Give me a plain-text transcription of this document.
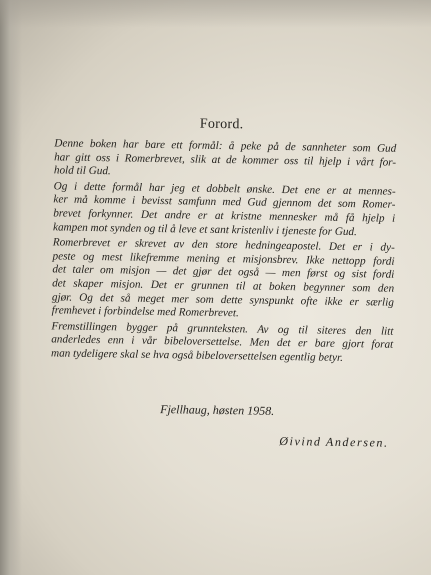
Forord.
Denne boken har bare ett formål: å peke på de sannheter som Gud
har gitt oss i Romerbrevet, slik at de kommer oss til hjelp i vårt for-
hold til Gud.
Og i dette formål har jeg et dobbelt ønske. Det ene er at mennes-
ker må komme i bevisst samfunn med Gud gjennom det som Romer-
brevet forkynner. Det andre er at kristne mennesker må få hjelp i
kampen mot synden og til å leve et sant kristenliv i tjeneste for Gud.
Romerbrevet er skrevet av den store hedningeapostel. Det er i dy-
peste og mest likefremme mening et misjonsbrev. Ikke nettopp fordi
det taler om misjon — det gjør det også — men først og sist fordi
det skaper misjon. Det er grunnen til at boken begynner som den
gjør. Og det så meget mer som dette synspunkt ofte ikke er særlig
fremhevet i forbindelse med Romerbrevet.
Fremstillingen bygger på grunnteksten. Av og til siteres den litt
anderledes enn i vår bibeloversettelse. Men det er bare gjort forat
man tydeligere skal se hva også bibeloversettelsen egentlig betyr.
Fjellhaug, høsten 1958.
Øivind Andersen.
